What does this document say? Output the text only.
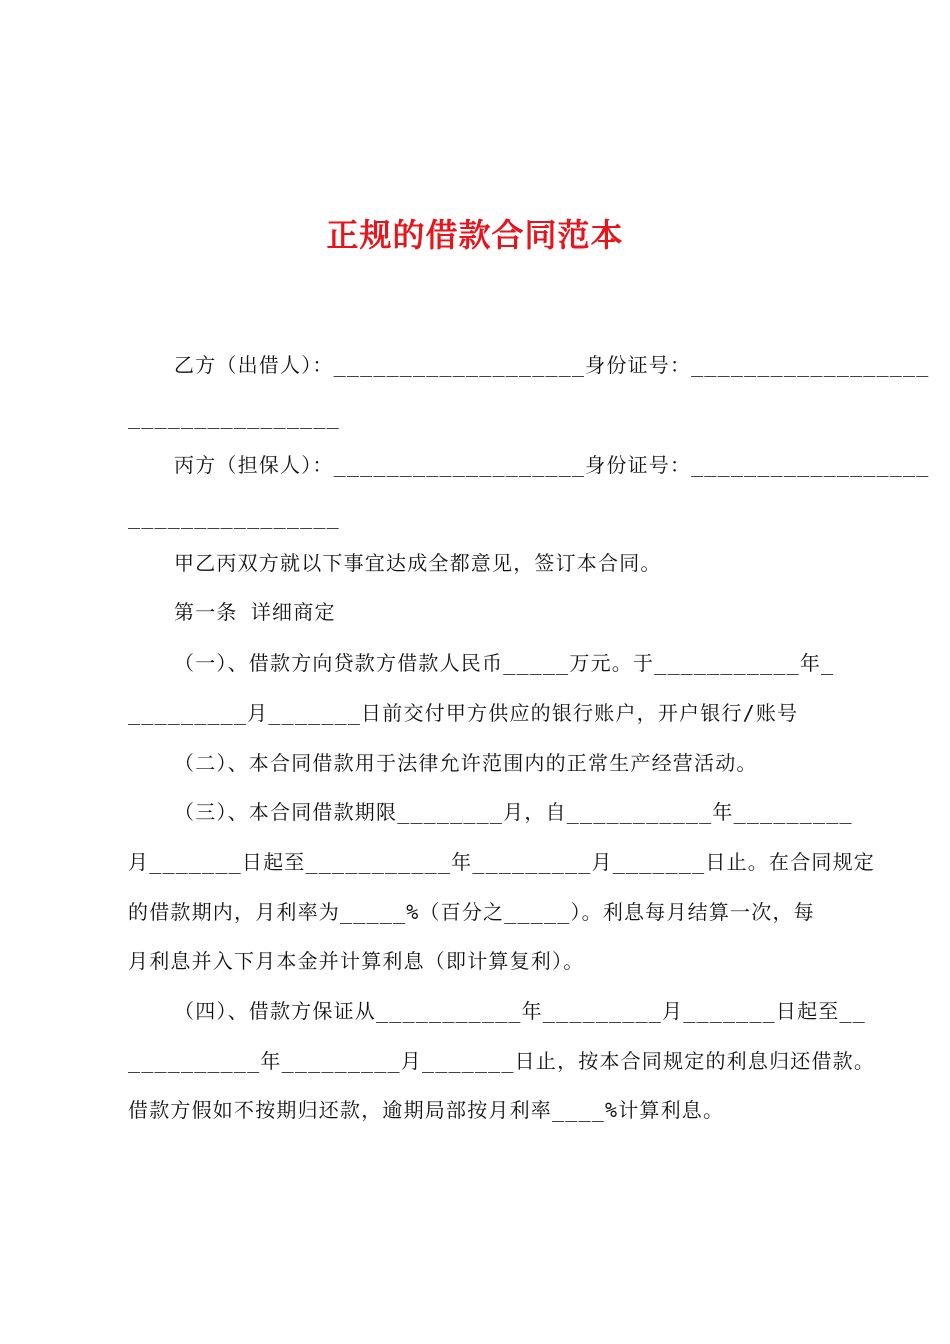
正规的借款合同范本
乙方（出借人）：___________________身份证号：__________________
________________
丙方（担保人）：___________________身份证号：__________________
________________
甲乙丙双方就以下事宜达成全都意见，签订本合同。
第一条 详细商定
（一）、借款方向贷款方借款人民币_____万元。于___________年_
_________月_______日前交付甲方供应的银行账户，开户银行/账号
（二）、本合同借款用于法律允许范围内的正常生产经营活动。
（三）、本合同借款期限________月，自___________年_________
月_______日起至___________年_________月_______日止。在合同规定
的借款期内，月利率为_____%（百分之_____）。利息每月结算一次，每
月利息并入下月本金并计算利息（即计算复利）。
（四）、借款方保证从___________年_________月_______日起至__
__________年_________月_______日止，按本合同规定的利息归还借款。
借款方假如不按期归还款，逾期局部按月利率____%计算利息。
